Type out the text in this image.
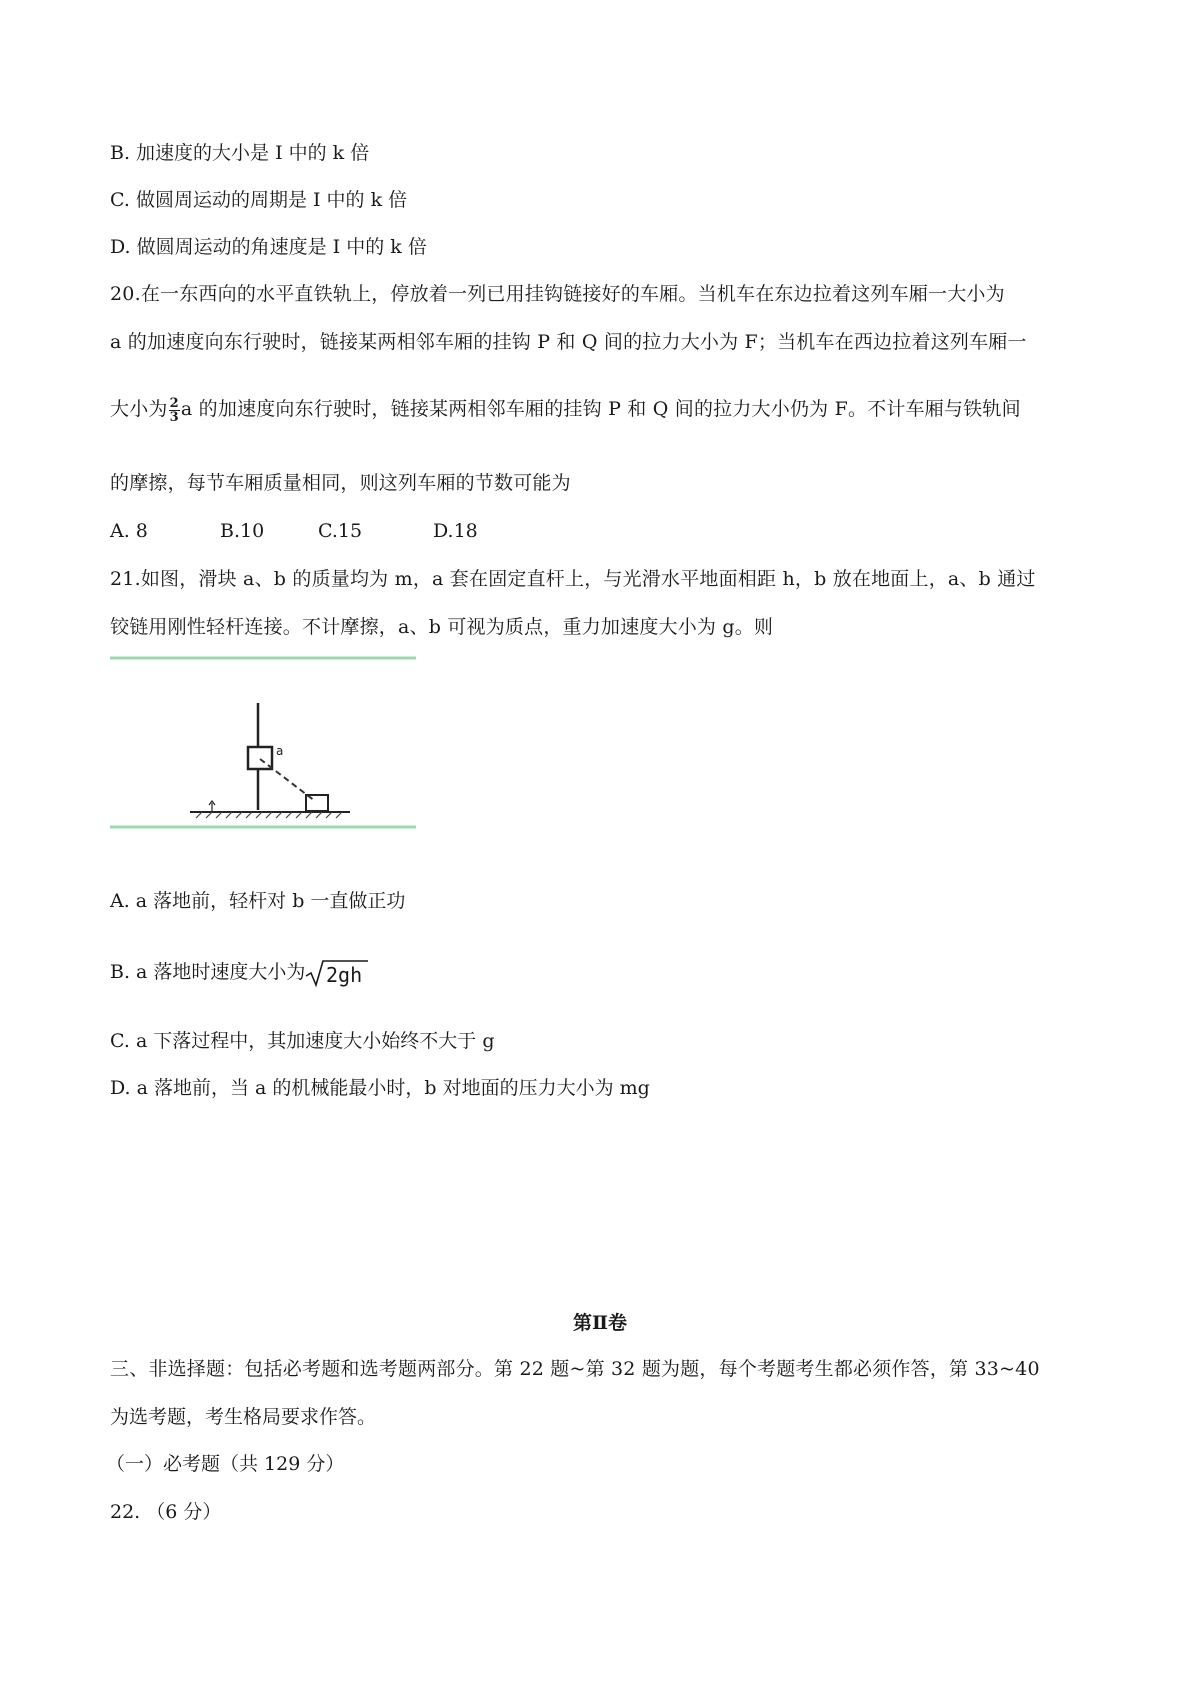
B. 加速度的大小是 I 中的 k 倍
C. 做圆周运动的周期是 I 中的 k 倍
D. 做圆周运动的角速度是 I 中的 k 倍
20.在一东西向的水平直铁轨上，停放着一列已用挂钩链接好的车厢。当机车在东边拉着这列车厢一大小为
a 的加速度向东行驶时，链接某两相邻车厢的挂钩 P 和 Q 间的拉力大小为 F；当机车在西边拉着这列车厢一
大小为 $\frac{2}{3}$ a 的加速度向东行驶时，链接某两相邻车厢的挂钩 P 和 Q 间的拉力大小仍为 F。不计车厢与铁轨间
的摩擦，每节车厢质量相同，则这列车厢的节数可能为
A. 8	B.10	C.15	D.18
21.如图，滑块 a、b 的质量均为 m，a 套在固定直杆上，与光滑水平地面相距 h，b 放在地面上，a、b 通过
铰链用刚性轻杆连接。不计摩擦，a、b 可视为质点，重力加速度大小为 g。则
a
A. a 落地前，轻杆对 b 一直做正功
B. a 落地时速度大小为 2gh
C. a 下落过程中，其加速度大小始终不大于 g
D. a 落地前，当 a 的机械能最小时，b 对地面的压力大小为 mg
第Ⅱ卷
三、非选择题：包括必考题和选考题两部分。第 22 题~第 32 题为题，每个考题考生都必须作答，第 33~40
为选考题，考生格局要求作答。
（一）必考题（共 129 分）
22. （6 分）
